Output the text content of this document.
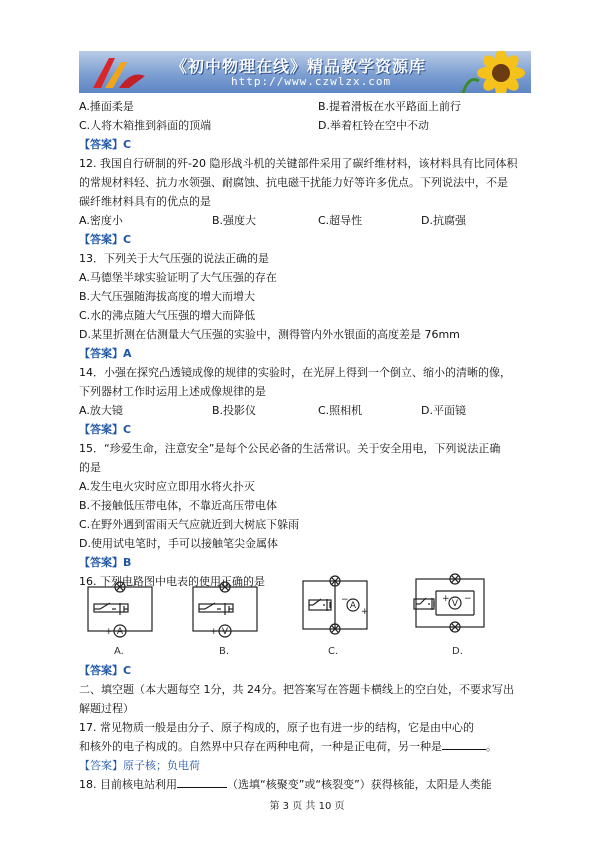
《初中物理在线》精品教学资源库
http://www.czwlzx.com
A.捶面柔是	B.提着滑板在水平路面上前行
C.人将木箱推到斜面的顶端	D.举着杠铃在空中不动
【答案】C
12. 我国自行研制的歼-20 隐形战斗机的关键部件采用了碳纤维材料，该材料具有比同体积
的常规材料轻、抗力水领强、耐腐蚀、抗电磁干扰能力好等许多优点。下列说法中，不是
碳纤维材料具有的优点的是
A.密度小	B.强度大	C.超导性	D.抗腐强
【答案】C
13．下列关于大气压强的说法正确的是
A.马德堡半球实验证明了大气压强的存在
B.大气压强随海拔高度的增大而增大
C.水的沸点随大气压强的增大而降低
D.某里折测在估测量大气压强的实验中，测得管内外水银面的高度差是 76mm
【答案】A
14．小强在探究凸透镜成像的规律的实验时，在光屏上得到一个倒立、缩小的清晰的像，
下列器材工作时运用上述成像规律的是
A.放大镜	B.投影仪	C.照相机	D.平面镜
【答案】C
15．“珍爱生命，注意安全”是每个公民必备的生活常识。关于安全用电，下列说法正确
的是
A.发生电火灾时应立即用水将火扑灭
B.不接触低压带电体，不靠近高压带电体
C.在野外遇到雷雨天气应就近到大树底下躲雨
D.使用试电笔时，手可以接触笔尖金属体
【答案】B
16. 下列电路图中电表的使用正确的是
A
+ −
A.
V
+ −
B.
A
−
+
C.
V
+ −
D.
【答案】C
二、填空题（本大题每空 1分，共 24分。把答案写在答题卡横线上的空白处，不要求写出
解题过程）
17. 常见物质一般是由分子、原子构成的，原子也有进一步的结构，它是由中心的
和核外的电子构成的。自然界中只存在两种电荷，一种是正电荷，另一种是	。
【答案】原子核；负电荷
18. 目前核电站利用	（选填“核聚变”或“核裂变”）获得核能，太阳是人类能
第 3 页 共 10 页
